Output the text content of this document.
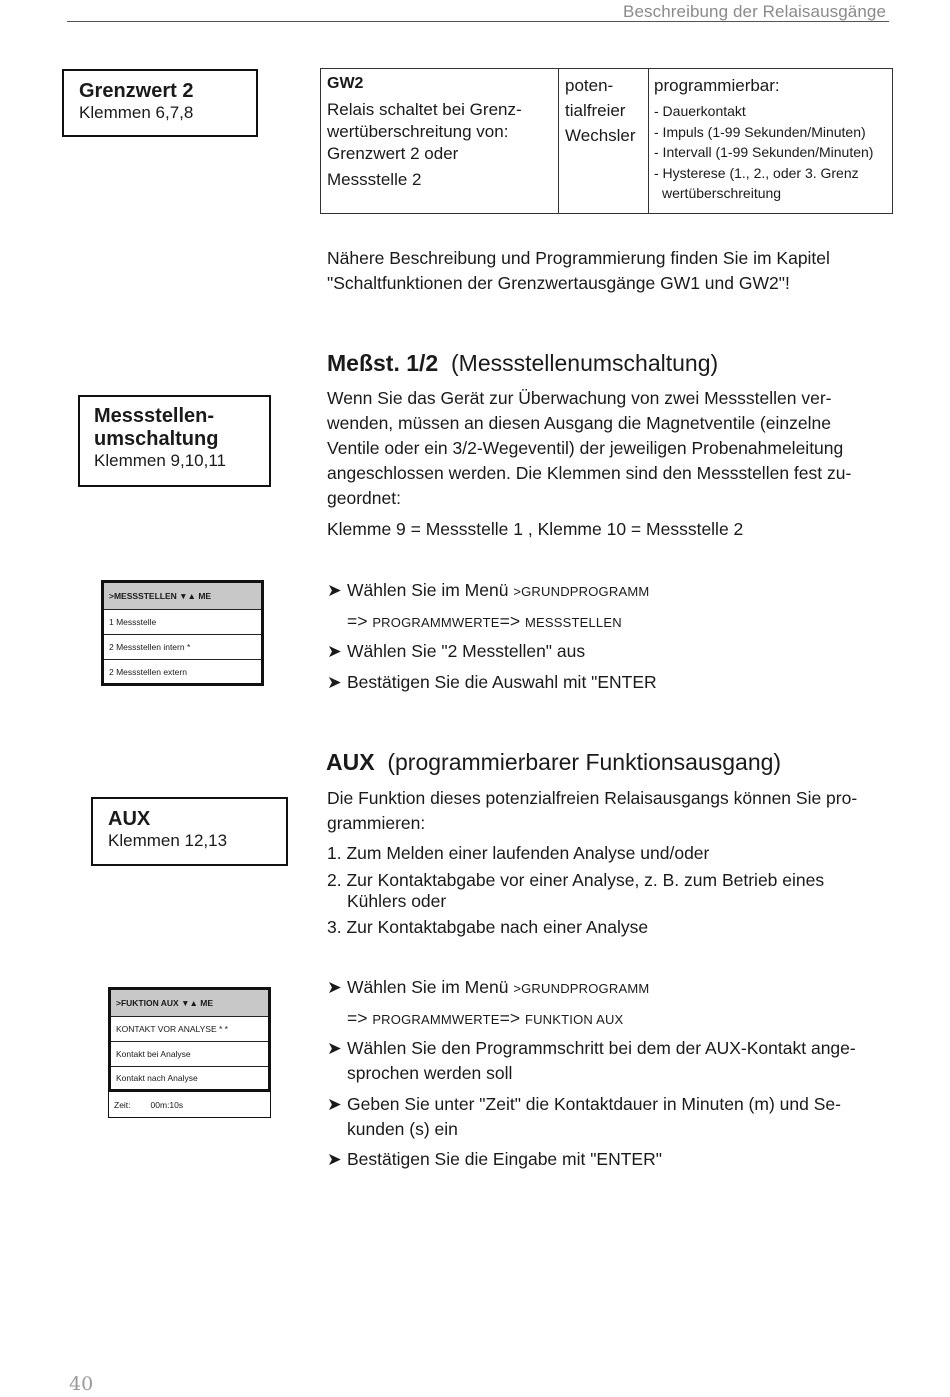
Beschreibung der Relaisausgänge
Grenzwert 2
Klemmen 6,7,8
GW2
Relais schaltet bei Grenz-
wertüberschreitung von:
Grenzwert 2 oder
Messstelle 2
poten-
tialfreier
Wechsler
programmierbar:
- Dauerkontakt
- Impuls (1-99 Sekunden/Minuten)
- Intervall (1-99 Sekunden/Minuten)
- Hysterese (1., 2., oder 3. Grenz
wertüberschreitung
Nähere Beschreibung und Programmierung finden Sie im Kapitel
"Schaltfunktionen der Grenzwertausgänge GW1 und GW2"!
Meßst. 1/2 (Messstellenumschaltung)
Messstellen-
umschaltung
Klemmen 9,10,11
Wenn Sie das Gerät zur Überwachung von zwei Messstellen ver-
wenden, müssen an diesen Ausgang die Magnetventile (einzelne
Ventile oder ein 3/2-Wegeventil) der jeweiligen Probenahmeleitung
angeschlossen werden. Die Klemmen sind den Messstellen fest zu-
geordnet:
Klemme 9 = Messstelle 1 , Klemme 10 = Messstelle 2
>MESSSTELLEN ▼▲ ME
1 Messstelle
2 Messstellen intern *
2 Messstellen extern
➤ Wählen Sie im Menü >GRUNDPROGRAMM
=> PROGRAMMWERTE=> MESSSTELLEN
➤ Wählen Sie "2 Messtellen" aus
➤ Bestätigen Sie die Auswahl mit "ENTER
AUX (programmierbarer Funktionsausgang)
AUX
Klemmen 12,13
Die Funktion dieses potenzialfreien Relaisausgangs können Sie pro-
grammieren:
1. Zum Melden einer laufenden Analyse und/oder
2. Zur Kontaktabgabe vor einer Analyse, z. B. zum Betrieb eines
Kühlers oder
3. Zur Kontaktabgabe nach einer Analyse
>FUKTION AUX ▼▲ ME
KONTAKT VOR ANALYSE * *
Kontakt bei Analyse
Kontakt nach Analyse
Zeit: 00m:10s
➤ Wählen Sie im Menü >GRUNDPROGRAMM
=> PROGRAMMWERTE=> FUNKTION AUX
➤ Wählen Sie den Programmschritt bei dem der AUX-Kontakt ange-
sprochen werden soll
➤ Geben Sie unter "Zeit" die Kontaktdauer in Minuten (m) und Se-
kunden (s) ein
➤ Bestätigen Sie die Eingabe mit "ENTER"
40
